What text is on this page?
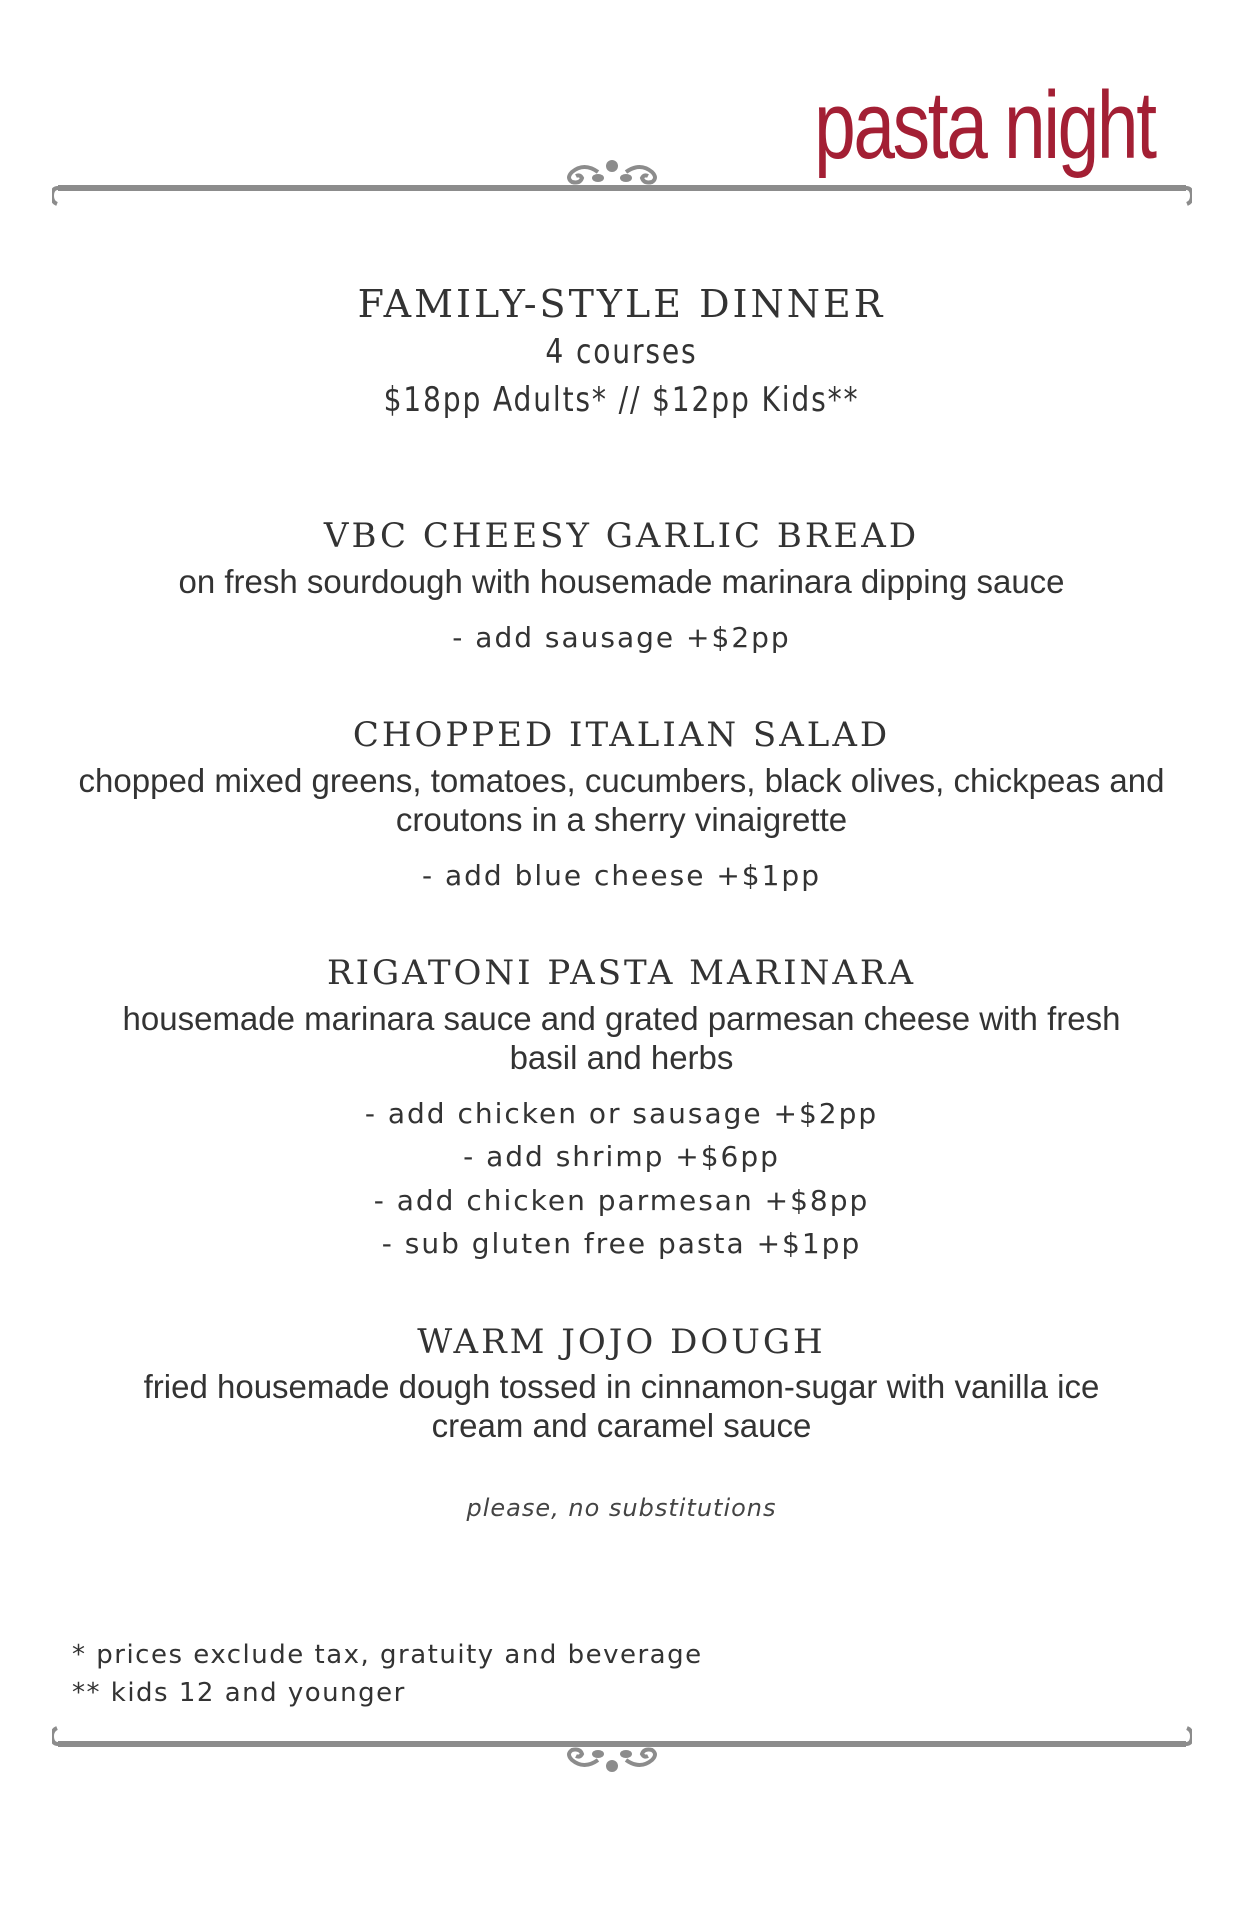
pasta night
FAMILY-STYLE DINNER
4 courses
$18pp Adults* // $12pp Kids**
VBC CHEESY GARLIC BREAD
on fresh sourdough with housemade marinara dipping sauce
- add sausage +$2pp
CHOPPED ITALIAN SALAD
chopped mixed greens, tomatoes, cucumbers, black olives, chickpeas and croutons in a sherry vinaigrette
- add blue cheese +$1pp
RIGATONI PASTA MARINARA
housemade marinara sauce and grated parmesan cheese with fresh basil and herbs
- add chicken or sausage +$2pp
- add shrimp +$6pp
- add chicken parmesan +$8pp
- sub gluten free pasta +$1pp
WARM JOJO DOUGH
fried housemade dough tossed in cinnamon-sugar with vanilla ice cream and caramel sauce
please, no substitutions
* prices exclude tax, gratuity and beverage
** kids 12 and younger
